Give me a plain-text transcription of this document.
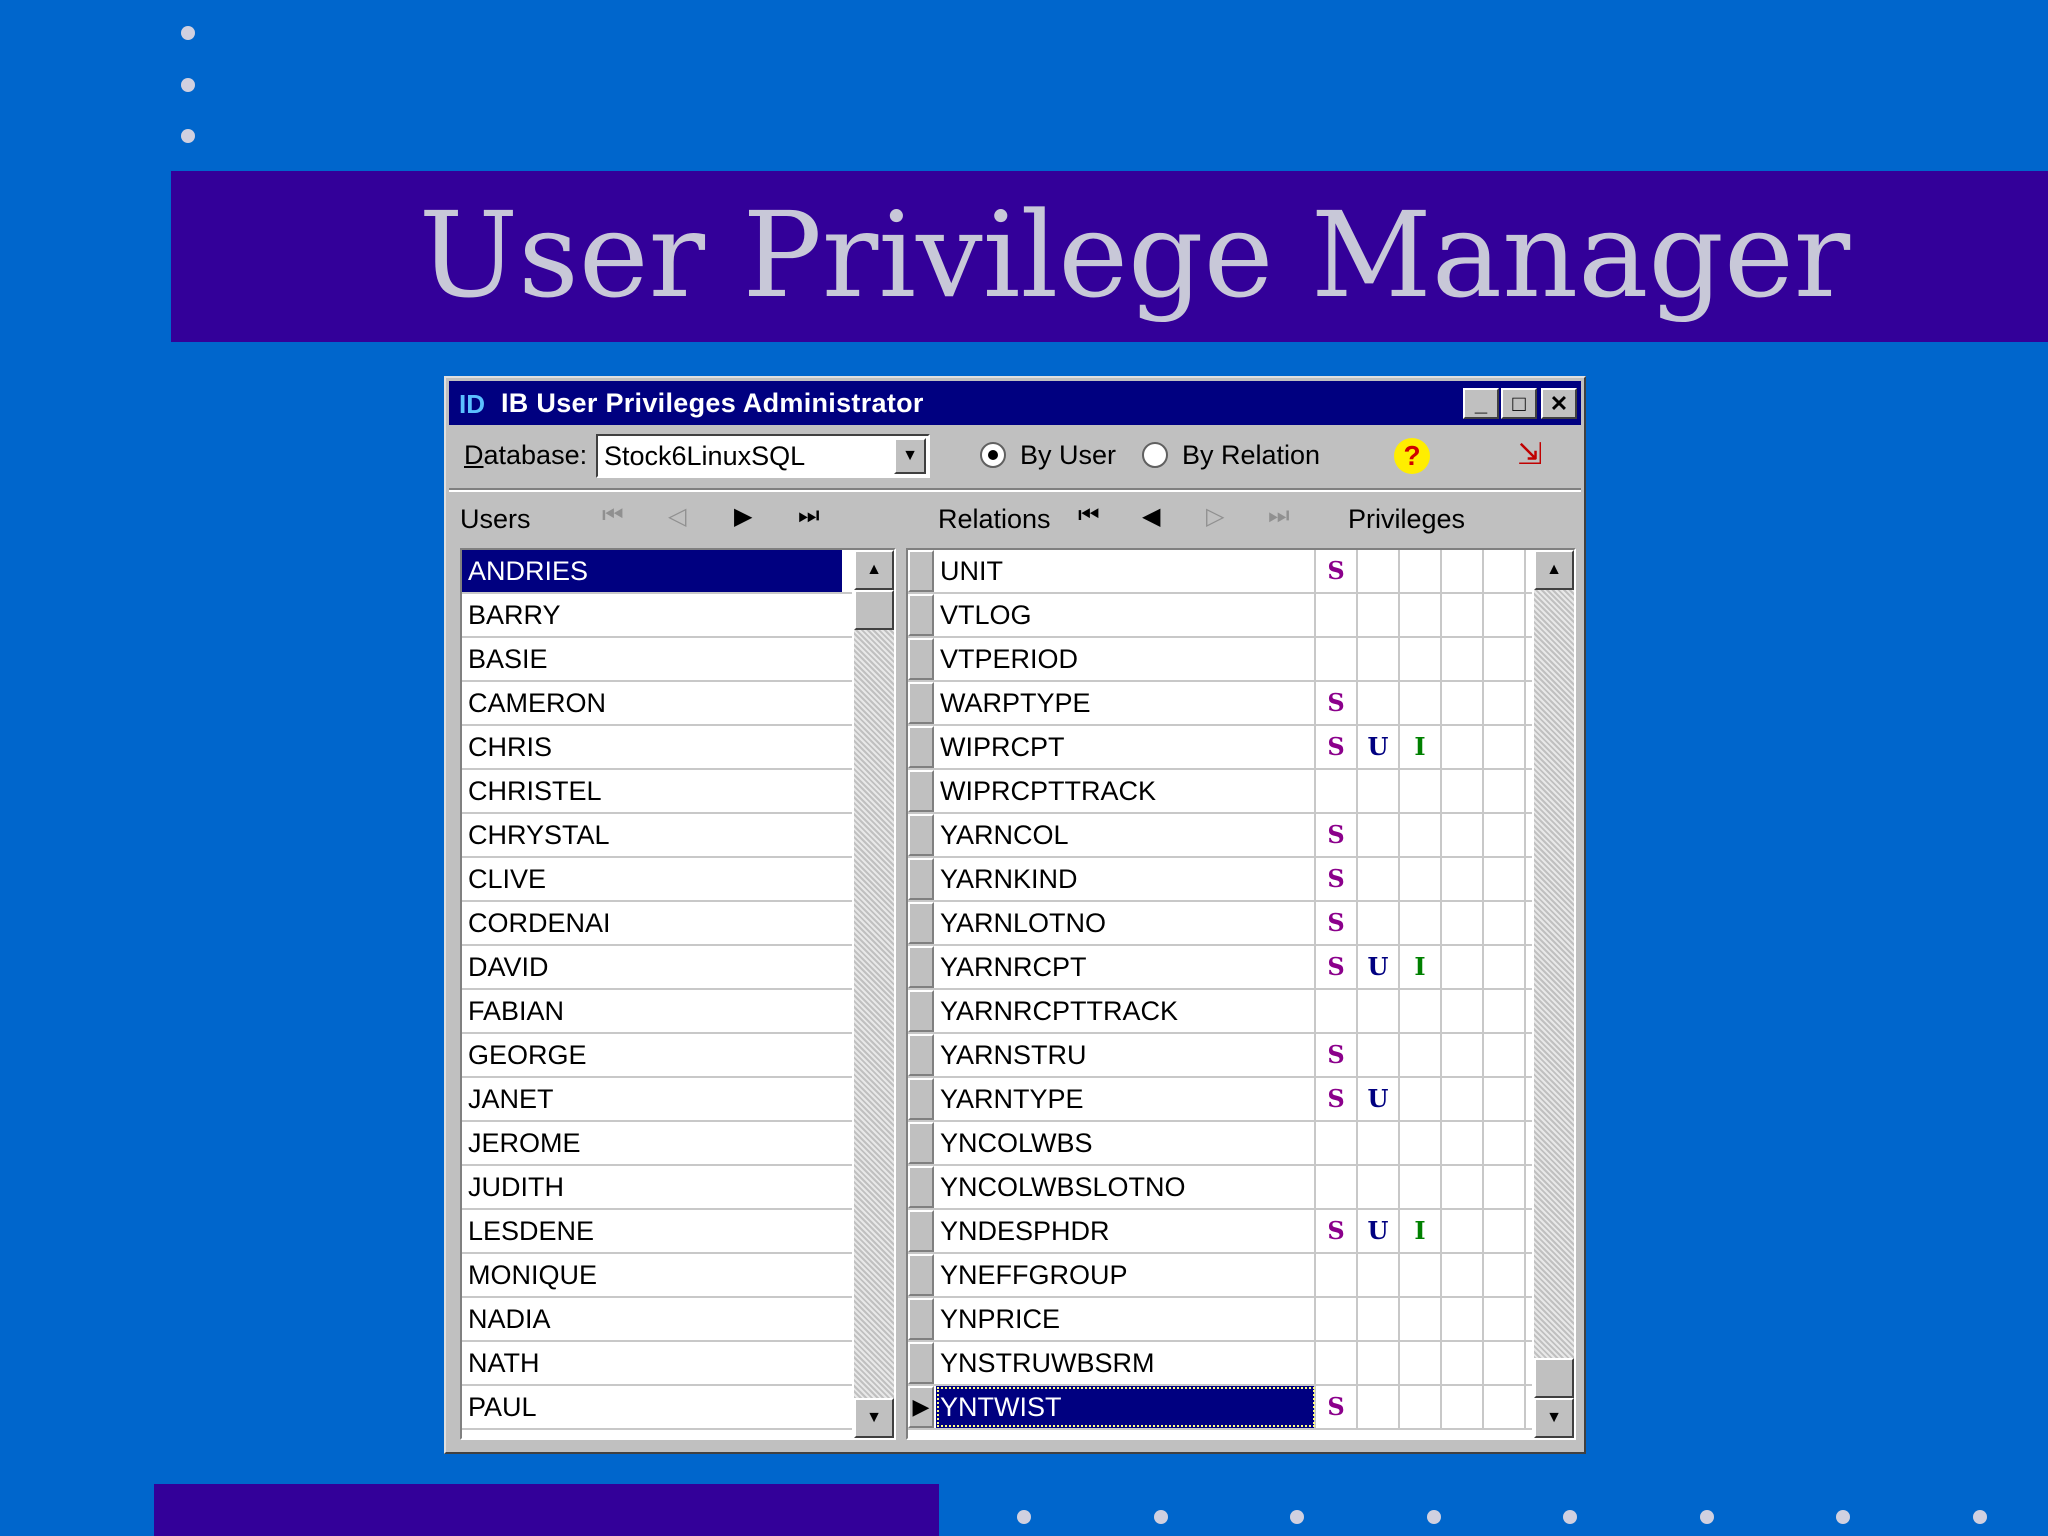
User Privilege Manager
ID IB User Privileges Administrator	_	□	✕
Database: Stock6LinuxSQL	▼	By User By Relation	?	⇲
Users	⏮ ◁ ▶ ⏭	Relations ⏮ ◀ ▷ ⏭ Privileges
ANDRIES
BARRY
BASIE
CAMERON
CHRIS
CHRISTEL
CHRYSTAL
CLIVE
CORDENAI
DAVID
FABIAN
GEORGE
JANET
JEROME
JUDITH
LESDENE
MONIQUE
NADIA
NATH
PAUL
▲
▼
UNIT	S
VTLOG
VTPERIOD
WARPTYPE	S
WIPRCPT	S U	I
WIPRCPTTRACK
YARNCOL	S
YARNKIND	S
YARNLOTNO	S
YARNRCPT	S U	I
YARNRCPTTRACK
YARNSTRU	S
YARNTYPE	S U
YNCOLWBS
YNCOLWBSLOTNO
YNDESPHDR	S U	I
YNEFFGROUP
YNPRICE
YNSTRUWBSRM
▶ YNTWIST	S
▲
▼
